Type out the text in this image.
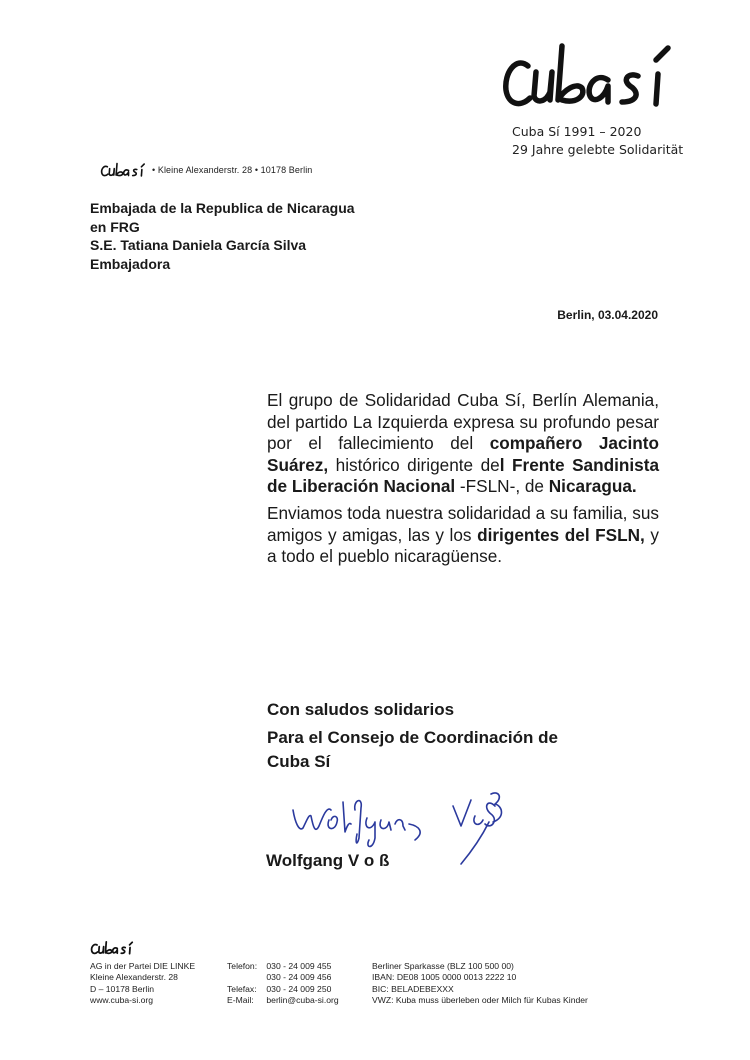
Cuba Sí 1991 – 2020
29 Jahre gelebte Solidarität
• Kleine Alexanderstr. 28 • 10178 Berlin
Embajada de la Republica de Nicaragua
en FRG
S.E. Tatiana Daniela García Silva
Embajadora
Berlin, 03.04.2020

El grupo de Solidaridad Cuba Sí, Berlín Alemania, del partido La Izquierda expresa su profundo pesar por el fallecimiento del compañero Jacinto Suárez, histórico dirigente del Frente Sandinista de Liberación Nacional -FSLN-, de Nicaragua.

Enviamos toda nuestra solidaridad a su familia, sus amigos y amigas, las y los dirigentes del FSLN, y a todo el pueblo nicaragüense.

Con saludos solidarios
Para el Consejo de Coordinación de
Cuba Sí
Wolfgang V o ß
AG in der Partei DIE LINKE
Kleine Alexanderstr. 28
D – 10178 Berlin
www.cuba-si.org
Telefon: 030 - 24 009 455
030 - 24 009 456
Telefax: 030 - 24 009 250
E-Mail: berlin@cuba-si.org
Berliner Sparkasse (BLZ 100 500 00)
IBAN: DE08 1005 0000 0013 2222 10
BIC: BELADEBEXXX
VWZ: Kuba muss überleben oder Milch für Kubas Kinder
